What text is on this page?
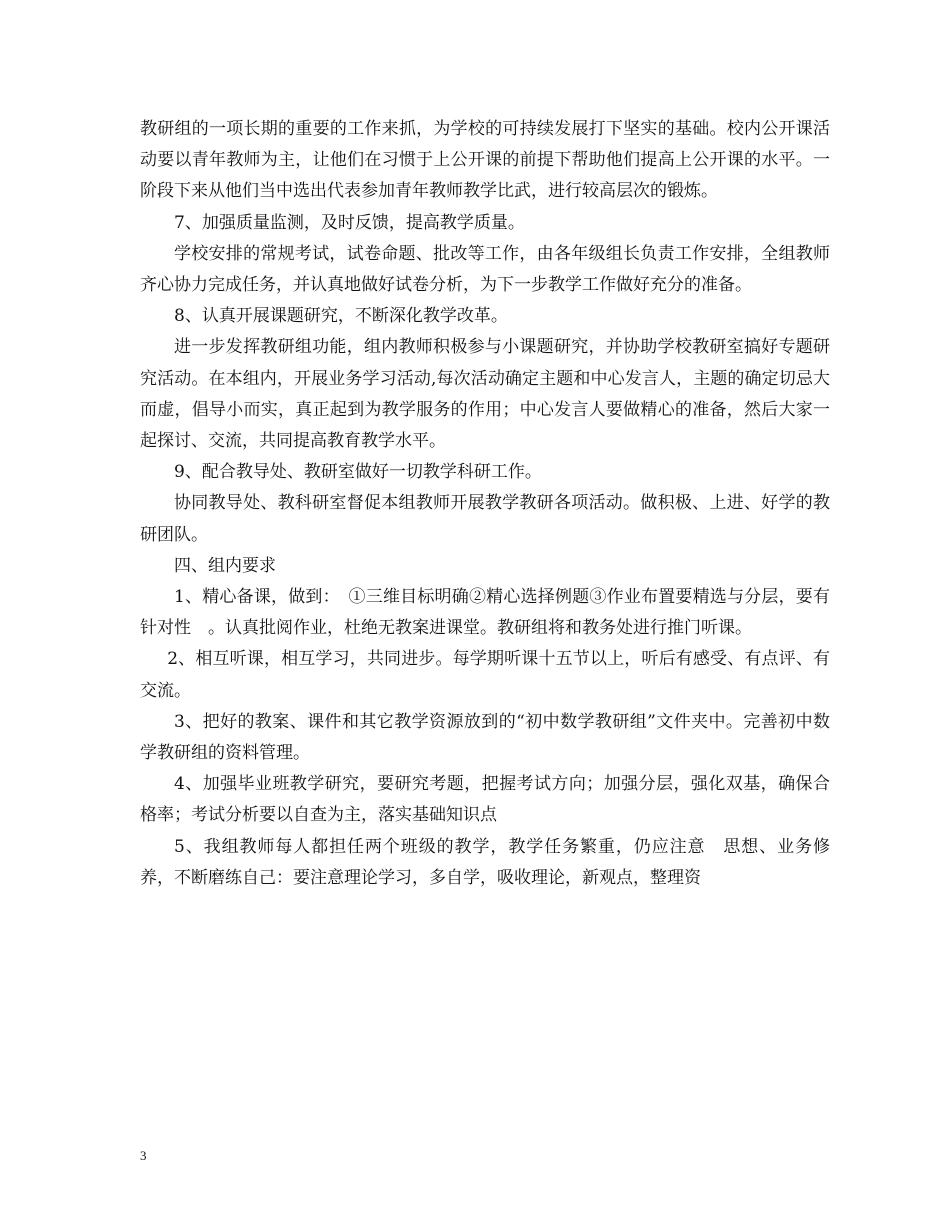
教研组的一项长期的重要的工作来抓，为学校的可持续发展打下坚实的基础。校内公开课活动要以青年教师为主，让他们在习惯于上公开课的前提下帮助他们提高上公开课的水平。一阶段下来从他们当中选出代表参加青年教师教学比武，进行较高层次的锻炼。

7、加强质量监测，及时反馈，提高教学质量。

学校安排的常规考试，试卷命题、批改等工作，由各年级组长负责工作安排，全组教师齐心协力完成任务，并认真地做好试卷分析，为下一步教学工作做好充分的准备。

8、认真开展课题研究，不断深化教学改革。

进一步发挥教研组功能，组内教师积极参与小课题研究，并协助学校教研室搞好专题研究活动。在本组内，开展业务学习活动,每次活动确定主题和中心发言人，主题的确定切忌大而虚，倡导小而实，真正起到为教学服务的作用；中心发言人要做精心的准备，然后大家一起探讨、交流，共同提高教育教学水平。

9、配合教导处、教研室做好一切教学科研工作。

协同教导处、教科研室督促本组教师开展教学教研各项活动。做积极、上进、好学的教研团队。

四、组内要求

1、精心备课，做到：　①三维目标明确②精心选择例题③作业布置要精选与分层，要有针对性　。认真批阅作业，杜绝无教案进课堂。教研组将和教务处进行推门听课。

2、相互听课，相互学习，共同进步。每学期听课十五节以上，听后有感受、有点评、有交流。

3、把好的教案、课件和其它教学资源放到的“初中数学教研组”文件夹中。完善初中数学教研组的资料管理。

4、加强毕业班教学研究，要研究考题，把握考试方向；加强分层，强化双基，确保合格率；考试分析要以自查为主，落实基础知识点

5、我组教师每人都担任两个班级的教学，教学任务繁重，仍应注意　思想、业务修养，不断磨练自己：要注意理论学习，多自学，吸收理论，新观点，整理资

3
